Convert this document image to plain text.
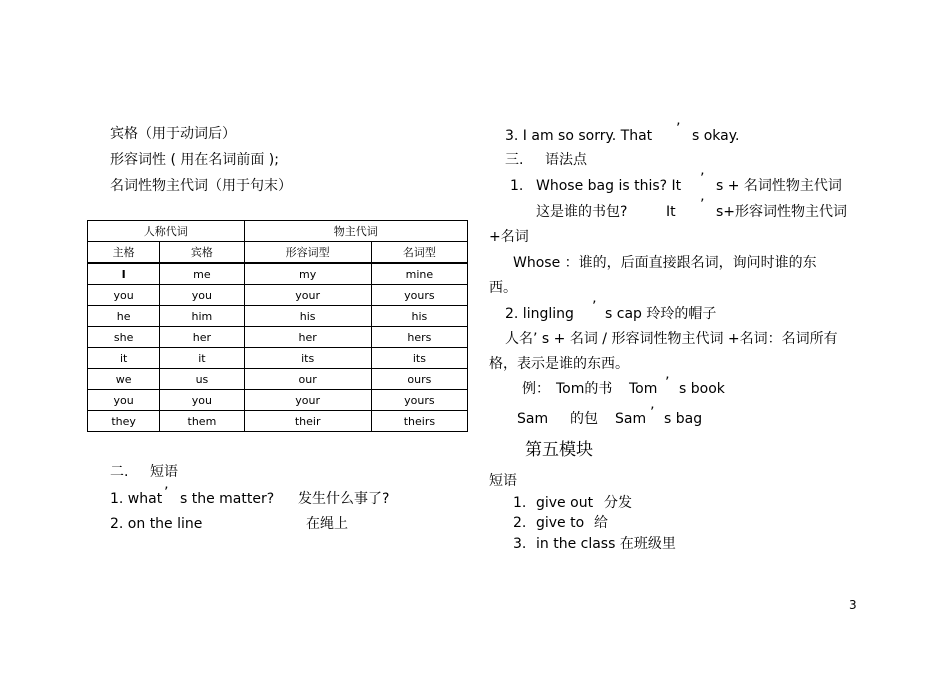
宾格（用于动词后）
形容词性 ( 用在名词前面 );
名词性物主代词（用于句末）
人称代词		物主代词	
主格	宾格	形容词型	名词型
I	me	my	mine
you	you	your	yours
he	him	his	his
she	her	her	hers
it	it	its	its
we	us	our	ours
you	you	your	yours
they	them	their	theirs
二. 短语
1. what ’ s the matter? 发生什么事了?
2. on the line	在绳上
3. I am so sorry. That ’ s okay.
三. 语法点
1. Whose bag is this? It ’ s + 名词性物主代词
这是谁的书包?	It ’ s+形容词性物主代词
+名词
Whose ：谁的，后面直接跟名词，询问时谁的东
西。
2. lingling ’ s cap 玲玲的帽子
人名’ s + 名词 / 形容词性物主代词 +名词：名词所有
格，表示是谁的东西。
例： Tom的书 Tom ’ s book
Sam 的包 Sam ’ s bag
第五模块
短语
1. give out 分发
2. give to 给
3. in the class 在班级里
3
